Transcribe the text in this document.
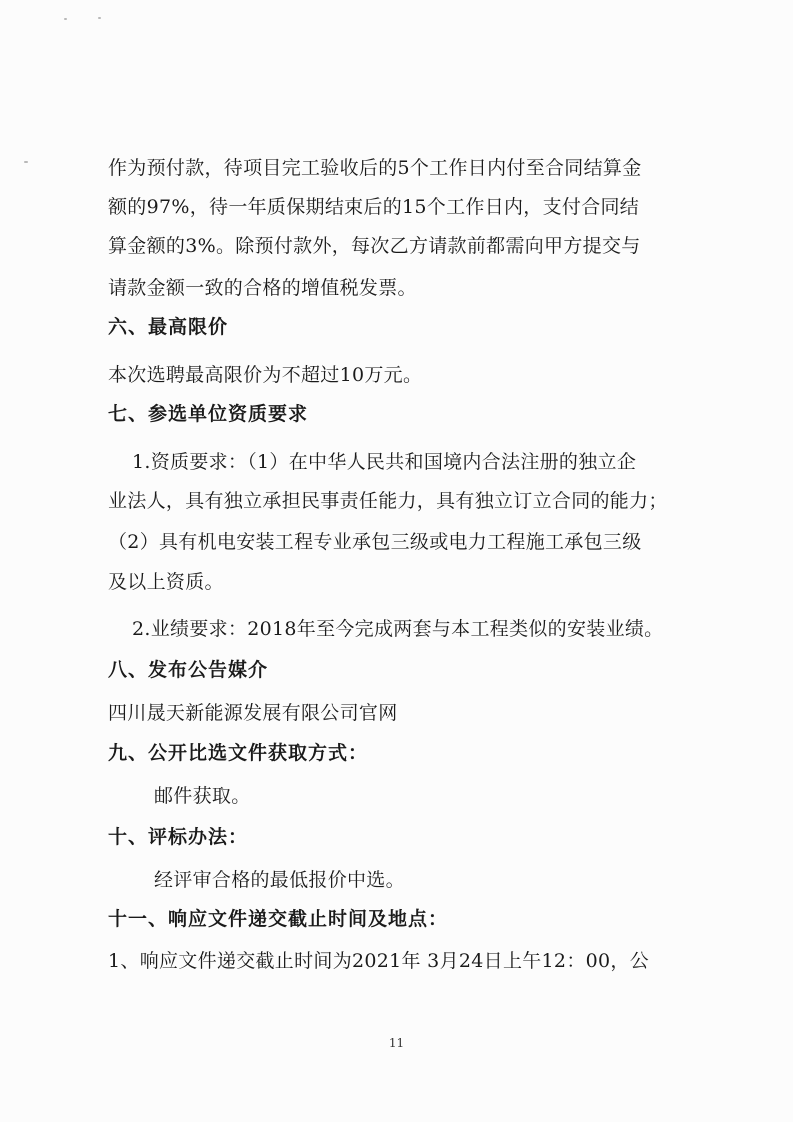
作为预付款，待项目完工验收后的5个工作日内付至合同结算金
额的97%，待一年质保期结束后的15个工作日内，支付合同结
算金额的3%。除预付款外，每次乙方请款前都需向甲方提交与
请款金额一致的合格的增值税发票。
六、最高限价
本次选聘最高限价为不超过10万元。
七、参选单位资质要求
1.资质要求：（1）在中华人民共和国境内合法注册的独立企
业法人，具有独立承担民事责任能力，具有独立订立合同的能力；
（2）具有机电安装工程专业承包三级或电力工程施工承包三级
及以上资质。
2.业绩要求：2018年至今完成两套与本工程类似的安装业绩。
八、发布公告媒介
四川晟天新能源发展有限公司官网
九、公开比选文件获取方式：
邮件获取。
十、评标办法：
经评审合格的最低报价中选。
十一、响应文件递交截止时间及地点：
1、响应文件递交截止时间为2021年 3月24日上午12：00，公
11
